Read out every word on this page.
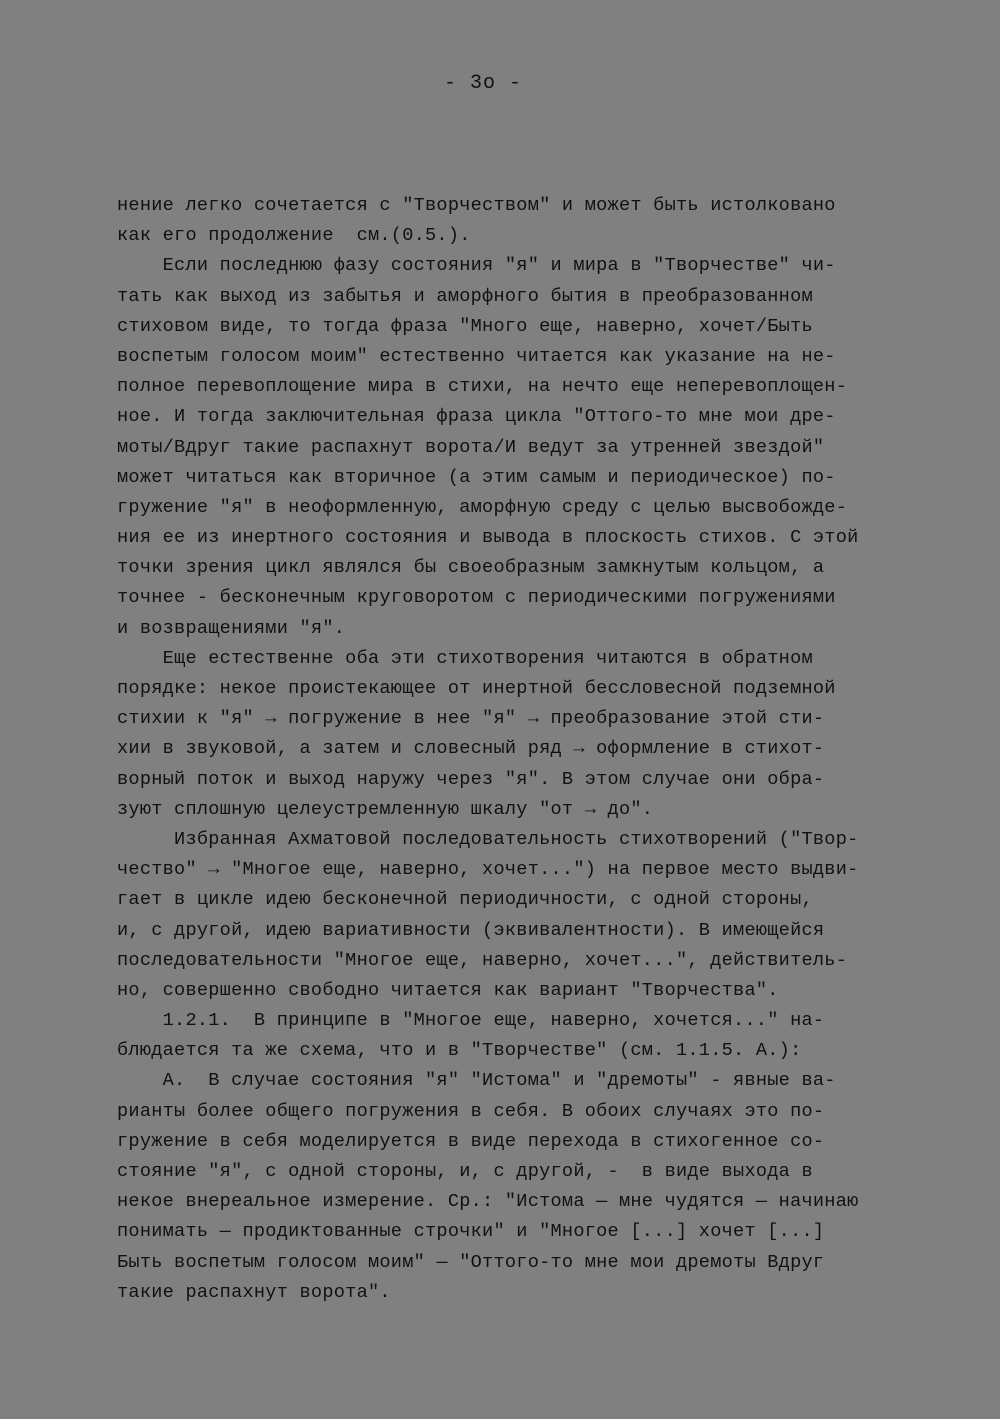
- 3о -
нение легко сочетается с "Творчеством" и может быть истолковано
как его продолжение  см.(0.5.).
Если последнюю фазу состояния "я" и мира в "Творчестве" чи-
тать как выход из забытья и аморфного бытия в преобразованном
стиховом виде, то тогда фраза "Много еще, наверно, хочет/Быть
воспетым голосом моим" естественно читается как указание на не-
полное перевоплощение мира в стихи, на нечто еще неперевоплощен-
ное. И тогда заключительная фраза цикла "Оттого-то мне мои дре-
моты/Вдруг такие распахнут ворота/И ведут за утренней звездой"
может читаться как вторичное (а этим самым и периодическое) по-
гружение "я" в неоформленную, аморфную среду с целью высвобожде-
ния ее из инертного состояния и вывода в плоскость стихов. С этой
точки зрения цикл являлся бы своеобразным замкнутым кольцом, а
точнее - бесконечным круговоротом с периодическими погружениями
и возвращениями "я".
Еще естественне оба эти стихотворения читаются в обратном
порядке: некое проистекающее от инертной бессловесной подземной
стихии к "я" → погружение в нее "я" → преобразование этой сти-
хии в звуковой, а затем и словесный ряд → оформление в стихот-
ворный поток и выход наружу через "я". В этом случае они обра-
зуют сплошную целеустремленную шкалу "от → до".
Избранная Ахматовой последовательность стихотворений ("Твор-
чество" → "Многое еще, наверно, хочет...") на первое место выдви-
гает в цикле идею бесконечной периодичности, с одной стороны,
и, с другой, идею вариативности (эквивалентности). В имеющейся
последовательности "Многое еще, наверно, хочет...", действитель-
но, совершенно свободно читается как вариант "Творчества".
1.2.1.  В принципе в "Многое еще, наверно, хочется..." на-
блюдается та же схема, что и в "Творчестве" (см. 1.1.5. А.):
А.  В случае состояния "я" "Истома" и "дремоты" - явные ва-
рианты более общего погружения в себя. В обоих случаях это по-
гружение в себя моделируется в виде перехода в стихогенное со-
стояние "я", с одной стороны, и, с другой, -  в виде выхода в
некое внереальное измерение. Ср.: "Истома — мне чудятся — начинаю
понимать — продиктованные строчки" и "Многое [...] хочет [...]
Быть воспетым голосом моим" — "Оттого-то мне мои дремоты Вдруг
такие распахнут ворота".
